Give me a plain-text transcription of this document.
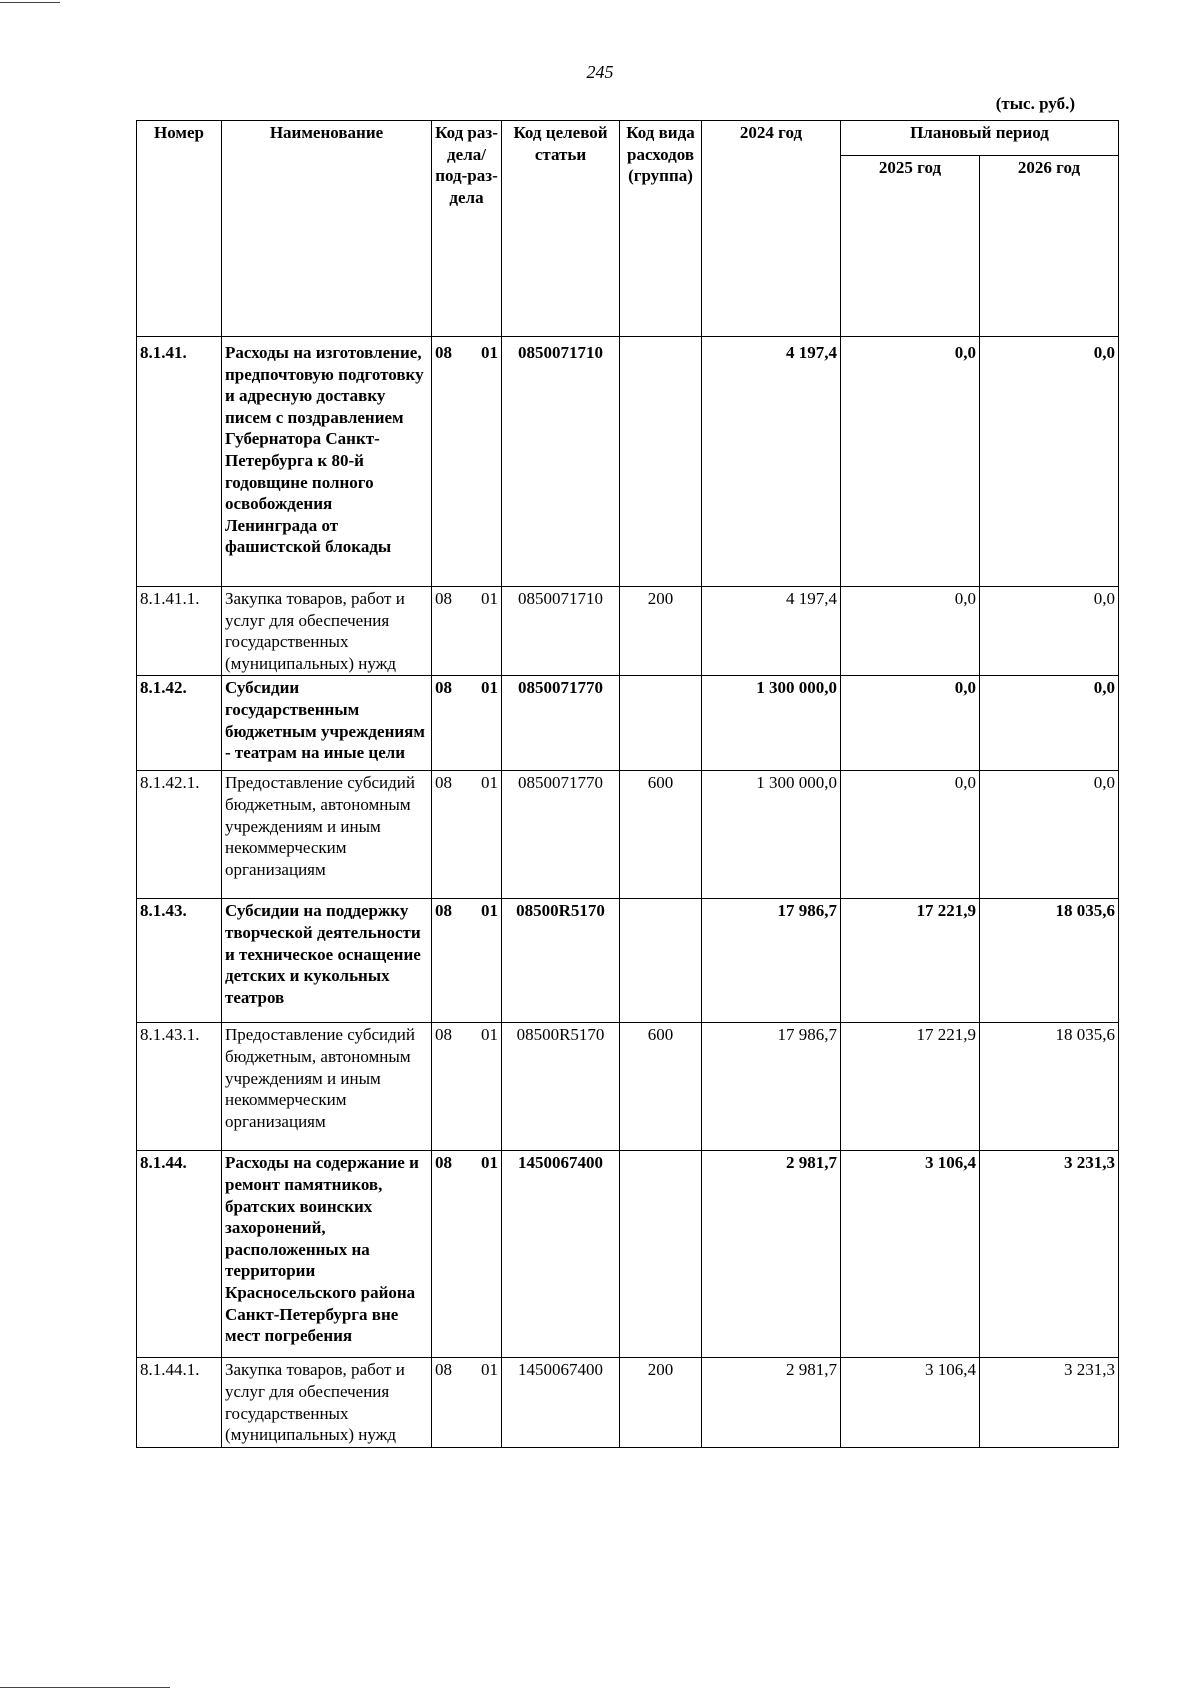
245
(тыс. руб.)
Номер	Наименование	Код раз-дела/ под-раз-дела	Код целевой статьи	Код вида расходов (группа)	2024 год	Плановый период	
						2025 год	2026 год
8.1.41.	Расходы на изготовление, предпочтовую подготовку и адресную доставку писем с поздравлением Губернатора Санкт-Петербурга к 80-й годовщине полного освобождения Ленинграда от фашистской блокады	08 01	0850071710		4 197,4	0,0	0,0
8.1.41.1.	Закупка товаров, работ и услуг для обеспечения государственных (муниципальных) нужд	08 01	0850071710	200	4 197,4	0,0	0,0
8.1.42.	Субсидии государственным бюджетным учреждениям - театрам на иные цели	08 01	0850071770		1 300 000,0	0,0	0,0
8.1.42.1.	Предоставление субсидий бюджетным, автономным учреждениям и иным некоммерческим организациям	08 01	0850071770	600	1 300 000,0	0,0	0,0
8.1.43.	Субсидии на поддержку творческой деятельности и техническое оснащение детских и кукольных театров	08 01	08500R5170		17 986,7	17 221,9	18 035,6
8.1.43.1.	Предоставление субсидий бюджетным, автономным учреждениям и иным некоммерческим организациям	08 01	08500R5170	600	17 986,7	17 221,9	18 035,6
8.1.44.	Расходы на содержание и ремонт памятников, братских воинских захоронений, расположенных на территории Красносельского района Санкт-Петербурга вне мест погребения	08 01	1450067400		2 981,7	3 106,4	3 231,3
8.1.44.1.	Закупка товаров, работ и услуг для обеспечения государственных (муниципальных) нужд	08 01	1450067400	200	2 981,7	3 106,4	3 231,3
